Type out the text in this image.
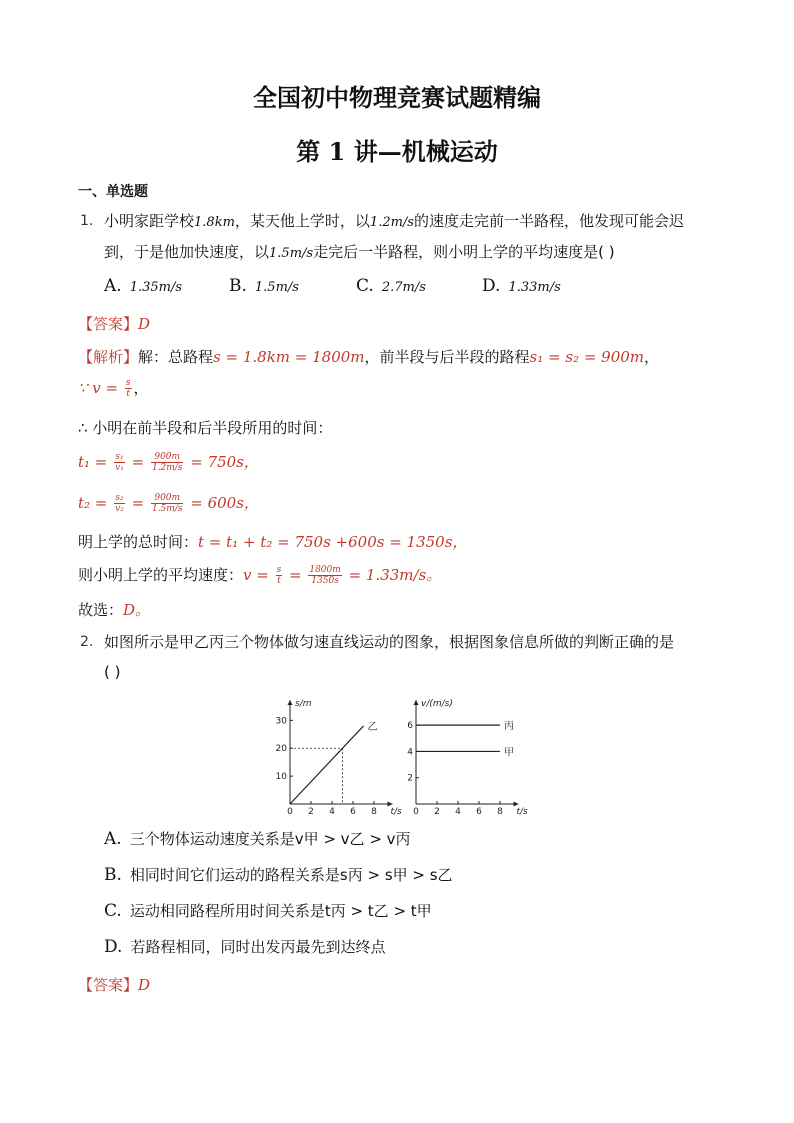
全国初中物理竞赛试题精编
第 1 讲—机械运动
一、单选题
1. 小明家距学校1.8km，某天他上学时，以1.2m/s的速度走完前一半路程，他发现可能会迟
到，于是他加快速度，以1.5m/s走完后一半路程，则小明上学的平均速度是( )
A. 1.35m/s	B. 1.5m/s	C. 2.7m/s	D. 1.33m/s
【答案】D
【解析】解：总路程s = 1.8km = 1800m，前半段与后半段的路程s₁ = s₂ = 900m，
∵ $v = \frac{s}{t}$ ，
∴ 小明在前半段和后半段所用的时间：
$t_1 = \frac{\text{s₁}}{\text{v₁}} = \frac{900m}{1.2m/s} = 750s$，
$t_2 = \frac{\text{s₂}}{\text{v₂}} = \frac{900m}{1.5m/s} = 600s$，
明上学的总时间：t = t₁ + t₂ = 750s +600s = 1350s，
则小明上学的平均速度：$v = \frac{s}{t} = \frac{1800m}{1350s} = 1.33m/s$。
故选：D。
2. 如图所示是甲乙丙三个物体做匀速直线运动的图象，根据图象信息所做的判断正确的是
( )
s/m
t/s
0 2 4 6 8
10
20
30
乙
v/(m/s)
t/s
0 2 4 6 8
2
4
6	丙
甲
A. 三个物体运动速度关系是v甲 > v乙 > v丙
B. 相同时间它们运动的路程关系是s丙 > s甲 > s乙
C. 运动相同路程所用时间关系是t丙 > t乙 > t甲
D. 若路程相同，同时出发丙最先到达终点
【答案】D
